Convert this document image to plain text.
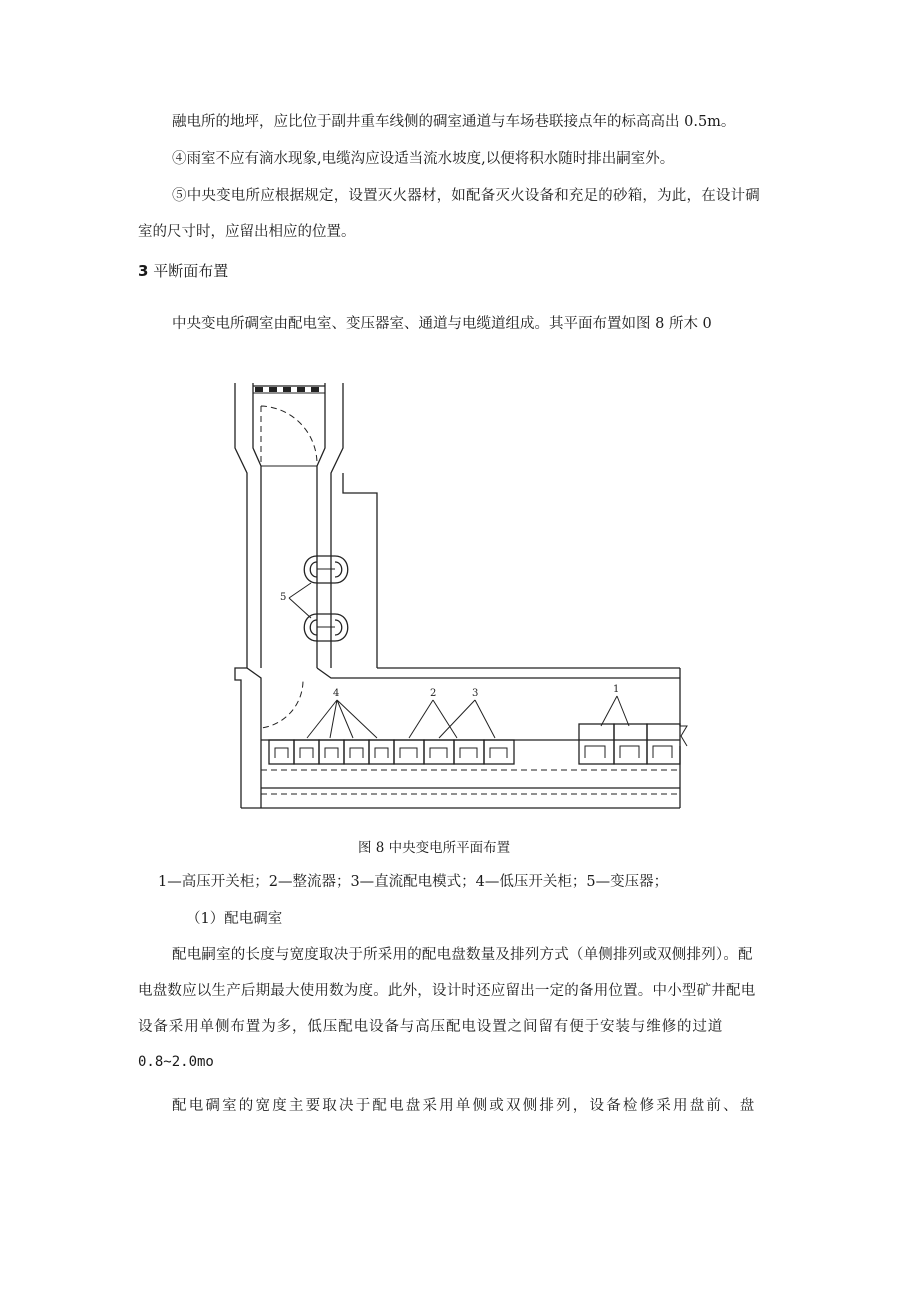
融电所的地坪，应比位于副井重车线侧的碉室通道与车场巷联接点年的标高高出 0.5m。

④雨室不应有滴水现象,电缆沟应设适当流水坡度,以便将积水随时排出嗣室外。

⑤中央变电所应根据规定，设置灭火器材，如配备灭火设备和充足的砂箱，为此，在设计碉

室的尺寸时，应留出相应的位置。

3 平断面布置

中央变电所碉室由配电室、变压器室、通道与电缆道组成。其平面布置如图 8 所木 0

5
4	2	3	1

图 8 中央变电所平面布置

1—高压开关柜；2—整流器；3—直流配电模式；4—低压开关柜；5—变压器；

（1）配电碉室

配电嗣室的长度与宽度取决于所采用的配电盘数量及排列方式（单侧排列或双侧排列）。配

电盘数应以生产后期最大使用数为度。此外，设计时还应留出一定的备用位置。中小型矿井配电

设备采用单侧布置为多，低压配电设备与高压配电设置之间留有便于安装与维修的过道

0.8~2.0mo

配电碉室的宽度主要取决于配电盘采用单侧或双侧排列，设备检修采用盘前、盘
